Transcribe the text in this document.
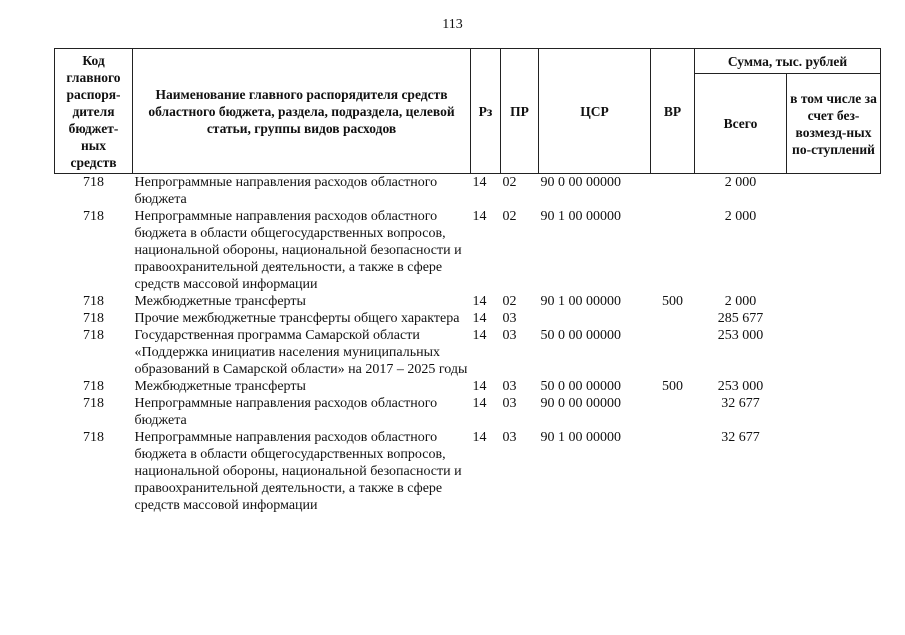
113
Код главного распоря-дителя бюджет-ных средств	Наименование главного распорядителя средств областного бюджета, раздела, подраздела, целевой статьи, группы видов расходов	Рз	ПР	ЦСР	ВР	Сумма, тыс. рублей	
						Всего	в том числе за счет без-возмезд-ных по-ступлений
718	Непрограммные направления расходов областного бюджета	14	02	90 0 00 00000		2 000	
718	Непрограммные направления расходов областного бюджета в области общегосударственных вопросов, национальной обороны, национальной безопасности и правоохранительной деятельности, а также в сфере средств массовой информации	14	02	90 1 00 00000		2 000	
718	Межбюджетные трансферты	14	02	90 1 00 00000	500	2 000	
718	Прочие межбюджетные трансферты общего характера	14	03			285 677	
718	Государственная программа Самарской области «Поддержка инициатив населения муниципальных образований в Самарской области» на 2017 – 2025 годы	14	03	50 0 00 00000		253 000	
718	Межбюджетные трансферты	14	03	50 0 00 00000	500	253 000	
718	Непрограммные направления расходов областного бюджета	14	03	90 0 00 00000		32 677	
718	Непрограммные направления расходов областного бюджета в области общегосударственных вопросов, национальной обороны, национальной безопасности и правоохранительной деятельности, а также в сфере средств массовой информации	14	03	90 1 00 00000		32 677	
